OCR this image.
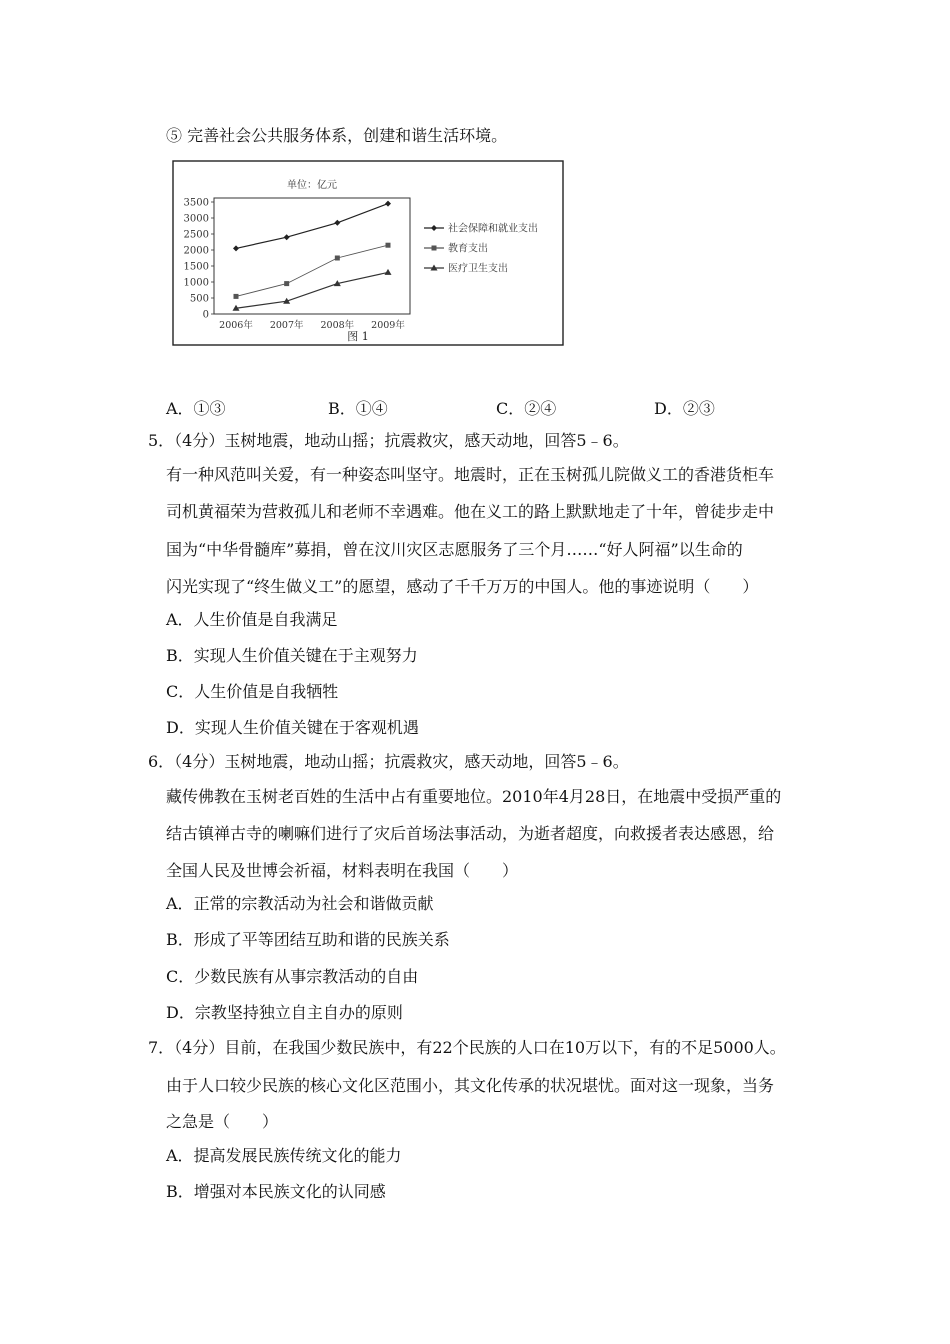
⑤ 完善社会公共服务体系，创建和谐生活环境。
单位：亿元
3500
3000
2500
2000
1500
1000
500
0
2006年 2007年 2008年 2009年
社会保障和就业支出
教育支出
医疗卫生支出
图 1
A．①③	B．①④	C．②④	D．②③
5．（4分）玉树地震，地动山摇；抗震救灾，感天动地，回答5﹣6。
有一种风范叫关爱，有一种姿态叫坚守。地震时，正在玉树孤儿院做义工的香港货柜车
司机黄福荣为营救孤儿和老师不幸遇难。他在义工的路上默默地走了十年，曾徒步走中
国为“中华骨髓库”募捐，曾在汶川灾区志愿服务了三个月……“好人阿福”以生命的
闪光实现了“终生做义工”的愿望，感动了千千万万的中国人。他的事迹说明（　　）
A．人生价值是自我满足
B．实现人生价值关键在于主观努力
C．人生价值是自我牺牲
D．实现人生价值关键在于客观机遇
6．（4分）玉树地震，地动山摇；抗震救灾，感天动地，回答5﹣6。
藏传佛教在玉树老百姓的生活中占有重要地位。2010年4月28日，在地震中受损严重的
结古镇禅古寺的喇嘛们进行了灾后首场法事活动，为逝者超度，向救援者表达感恩，给
全国人民及世博会祈福，材料表明在我国（　　）
A．正常的宗教活动为社会和谐做贡献
B．形成了平等团结互助和谐的民族关系
C．少数民族有从事宗教活动的自由
D．宗教坚持独立自主自办的原则
7．（4分）目前，在我国少数民族中，有22个民族的人口在10万以下，有的不足5000人。
由于人口较少民族的核心文化区范围小，其文化传承的状况堪忧。面对这一现象，当务
之急是（　　）
A．提高发展民族传统文化的能力
B．增强对本民族文化的认同感
